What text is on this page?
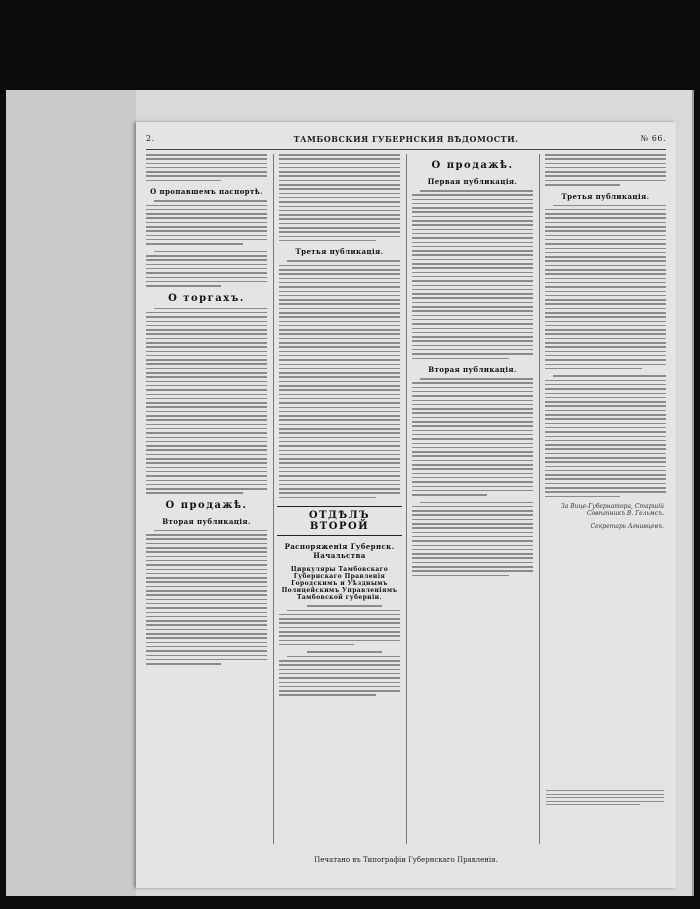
2.	ТАМБОВСКИЯ ГУБЕРНСКИЯ ВѢДОМОСТИ.	№ 66.
О пропавшемъ паспортѣ.
О торгахъ.
О продажѣ.
Вторая публикація.
Третья публикація.
ОТДѢЛЪ ВТОРОЙ
Распоряженія Губернск. Начальства
Циркуляры Тамбовскаго Губернскаго Правленія Городскимъ и Уѣзднымъ Полицейскимъ Управленіямъ Тамбовской губерніи.
О продажѣ.
Первая публикація.
Вторая публикація.
Третья публикація.
За Вице-Губернатора, Старшій Совѣтникъ В. Гельмсъ.
Секретарь Агнивцевъ.
Печатано въ Типографіи Губернскаго Правленія.
